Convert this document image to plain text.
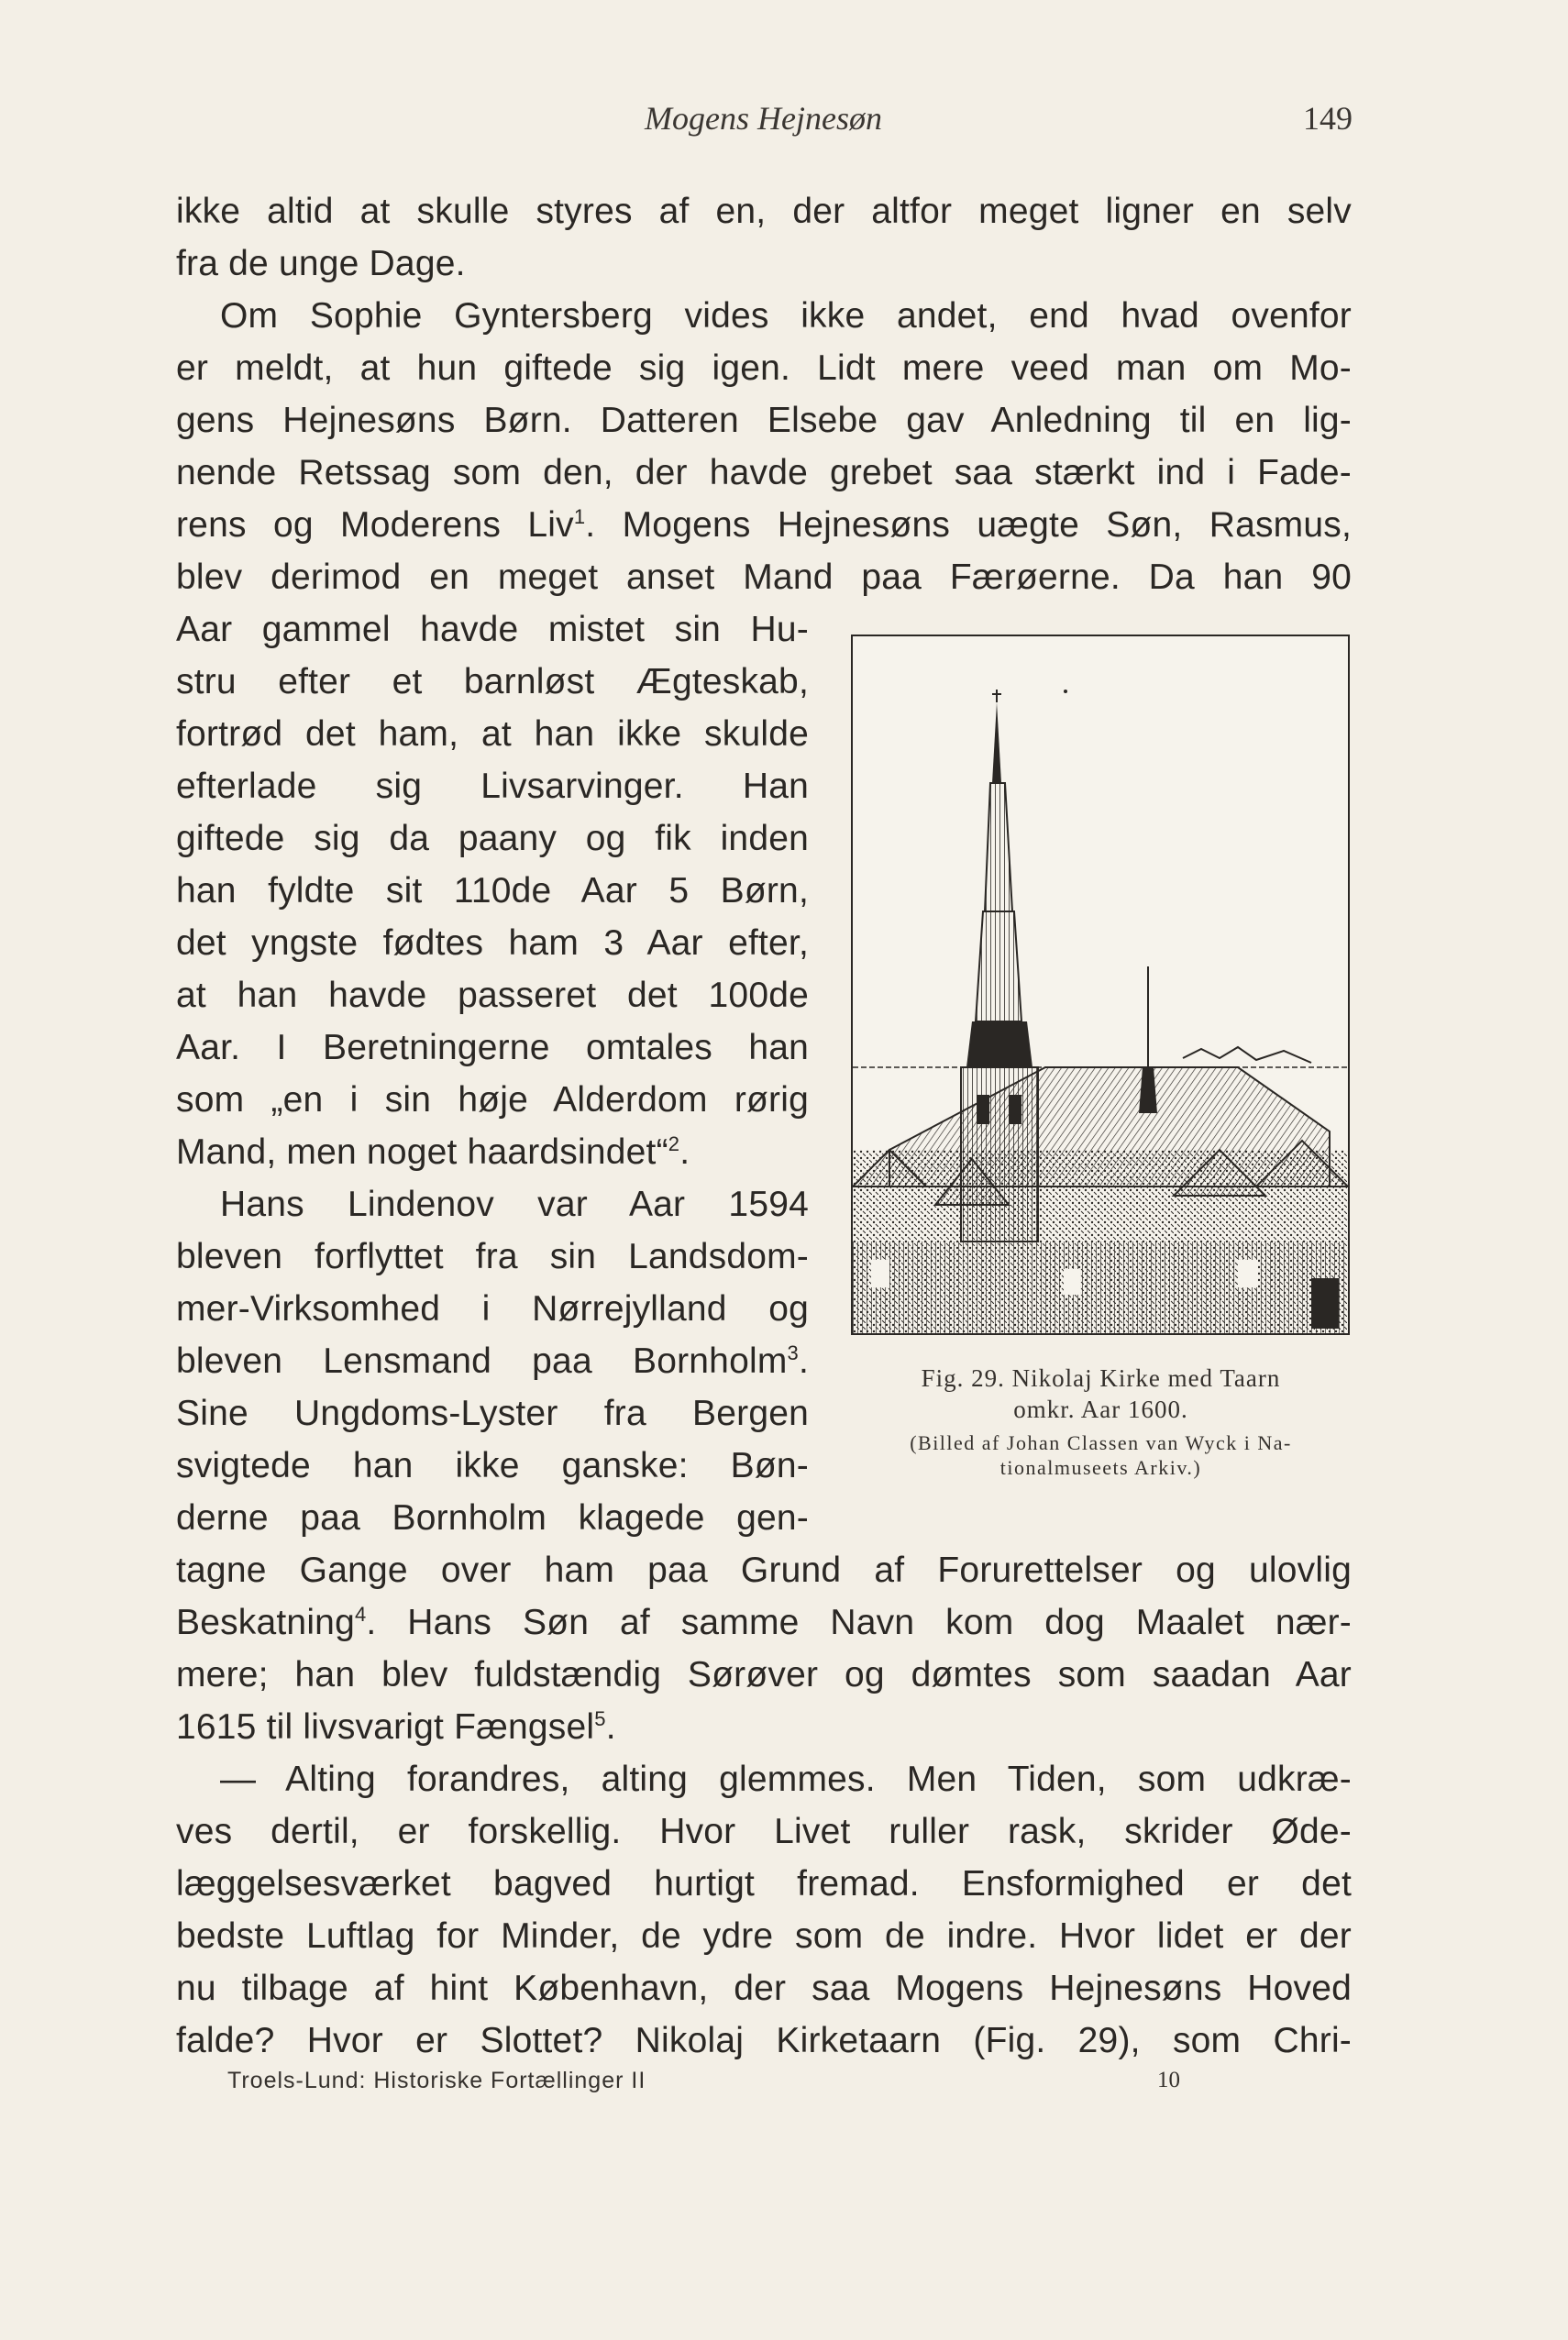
Mogens Hejnesøn	149

ikke altid at skulle styres af en, der altfor meget ligner en selv

fra de unge Dage.

Om Sophie Gyntersberg vides ikke andet, end hvad ovenfor

er meldt, at hun giftede sig igen. Lidt mere veed man om Mo-

gens Hejnesøns Børn. Datteren Elsebe gav Anledning til en lig-

nende Retssag som den, der havde grebet saa stærkt ind i Fade-

rens og Moderens Liv$^1$. Mogens Hejnesøns uægte Søn, Rasmus,

blev derimod en meget anset Mand paa Færøerne. Da han 90

Aar gammel havde mistet sin Hu-

stru efter et barnløst Ægteskab,

fortrød det ham, at han ikke skulde

efterlade sig Livsarvinger. Han

giftede sig da paany og fik inden

han fyldte sit 110de Aar 5 Børn,

det yngste fødtes ham 3 Aar efter,

at han havde passeret det 100de

Aar. I Beretningerne omtales han

som „en i sin høje Alderdom rørig

Mand, men noget haardsindet“$^2$.

Hans Lindenov var Aar 1594

bleven forflyttet fra sin Landsdom-

mer-Virksomhed i Nørrejylland og

bleven Lensmand paa Bornholm$^3$.

Sine Ungdoms-Lyster fra Bergen

svigtede han ikke ganske: Bøn-

derne paa Bornholm klagede gen-

tagne Gange over ham paa Grund af Forurettelser og ulovlig

Beskatning$^4$. Hans Søn af samme Navn kom dog Maalet nær-

mere; han blev fuldstændig Sørøver og dømtes som saadan Aar

1615 til livsvarigt Fængsel$^5$.

— Alting forandres, alting glemmes. Men Tiden, som udkræ-

ves dertil, er forskellig. Hvor Livet ruller rask, skrider Øde-

læggelsesværket bagved hurtigt fremad. Ensformighed er det

bedste Luftlag for Minder, de ydre som de indre. Hvor lidet er der

nu tilbage af hint København, der saa Mogens Hejnesøns Hoved

falde? Hvor er Slottet? Nikolaj Kirketaarn (Fig. 29), som Chri-

Fig. 29. Nikolaj Kirke med Taarn
omkr. Aar 1600.
(Billed af Johan Classen van Wyck i Na-
tionalmuseets Arkiv.)
Troels-Lund: Historiske Fortællinger II	10
